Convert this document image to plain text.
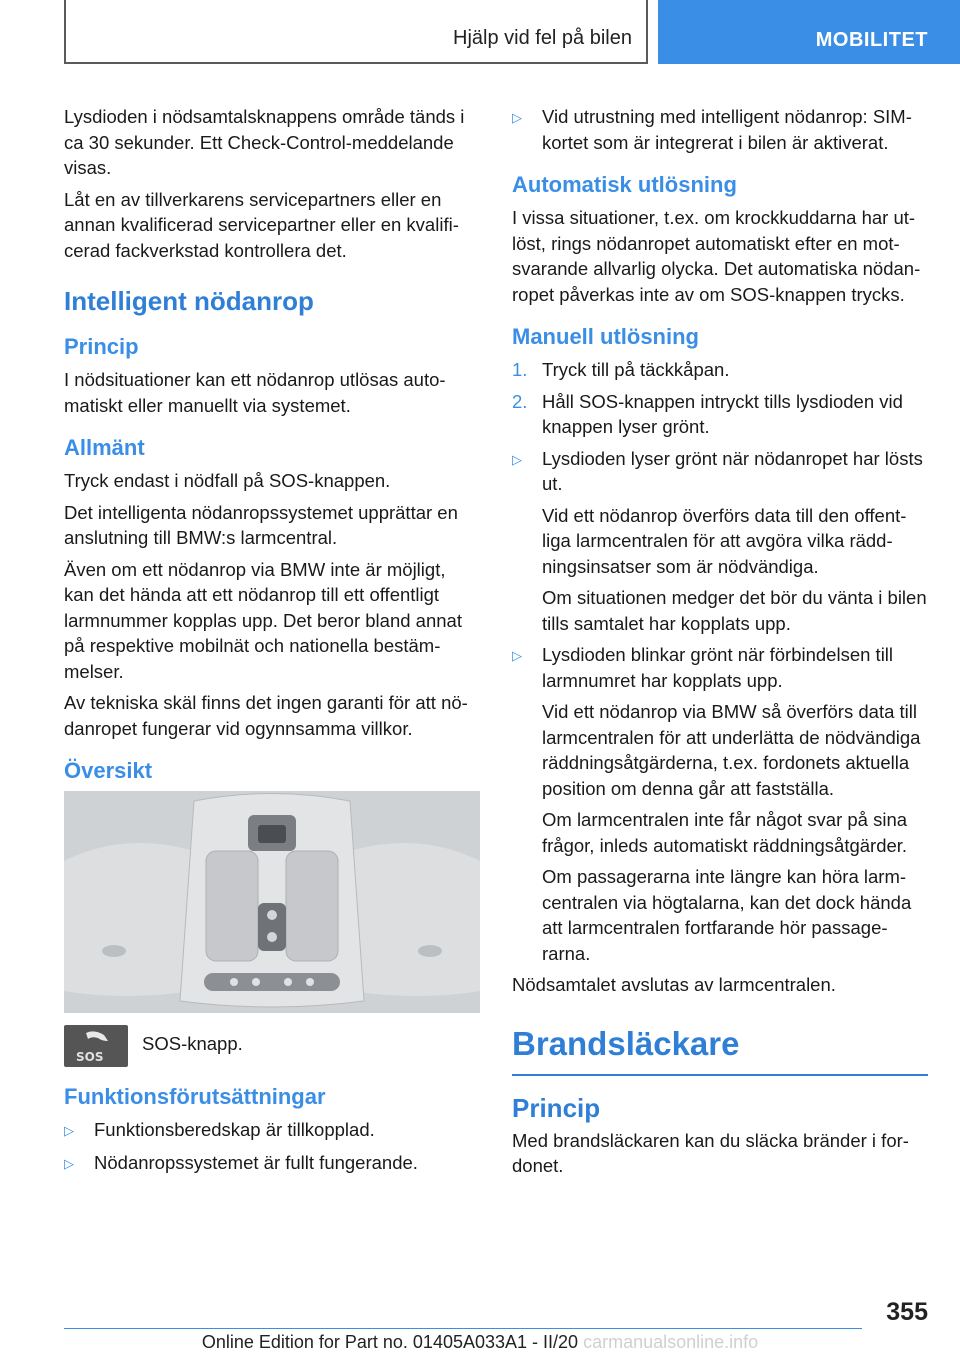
Hjälp vid fel på bilen	MOBILITET

Lysdioden i nödsamtalsknappens område tänds i ca 30 sekunder. Ett Check-Control-meddelande visas.

Låt en av tillverkarens servicepartners eller en annan kvalificerad servicepartner eller en kvalificerad fackverkstad kontrollera det.

Intelligent nödanrop
Princip

I nödsituationer kan ett nödanrop utlösas automatiskt eller manuellt via systemet.

Allmänt

Tryck endast i nödfall på SOS-knappen.

Det intelligenta nödanropssystemet upprättar en anslutning till BMW:s larmcentral.

Även om ett nödanrop via BMW inte är möjligt, kan det hända att ett nödanrop till ett offentligt larmnummer kopplas upp. Det beror bland annat på respektive mobilnät och nationella bestämmelser.

Av tekniska skäl finns det ingen garanti för att nödanropet fungerar vid ogynnsamma villkor.

Översikt
SOS
SOS-knapp.
Funktionsförutsättningar
▷	Funktionsberedskap är tillkopplad.
▷	Nödanropssystemet är fullt fungerande.
▷	Vid utrustning med intelligent nödanrop: SIM-kortet som är integrerat i bilen är aktiverat.
Automatisk utlösning

I vissa situationer, t.ex. om krockkuddarna har utlöst, rings nödanropet automatiskt efter en motsvarande allvarlig olycka. Det automatiska nödanropet påverkas inte av om SOS-knappen trycks.

Manuell utlösning
1. Tryck till på täckkåpan.
2. Håll SOS-knappen intryckt tills lysdioden vid knappen lyser grönt.
▷	Lysdioden lyser grönt när nödanropet har lösts ut.
Vid ett nödanrop överförs data till den offentliga larmcentralen för att avgöra vilka räddningsinsatser som är nödvändiga.
Om situationen medger det bör du vänta i bilen tills samtalet har kopplats upp.
▷	Lysdioden blinkar grönt när förbindelsen till larmnumret har kopplats upp.
Vid ett nödanrop via BMW så överförs data till larmcentralen för att underlätta de nödvändiga räddningsåtgärderna, t.ex. fordonets aktuella position om denna går att fastställa.
Om larmcentralen inte får något svar på sina frågor, inleds automatiskt räddningsåtgärder.
Om passagerarna inte längre kan höra larmcentralen via högtalarna, kan det dock hända att larmcentralen fortfarande hör passagerarna.

Nödsamtalet avslutas av larmcentralen.

Brandsläckare
Princip

Med brandsläckaren kan du släcka bränder i fordonet.

355
Online Edition for Part no. 01405A033A1 - II/20 carmanualsonline.info
